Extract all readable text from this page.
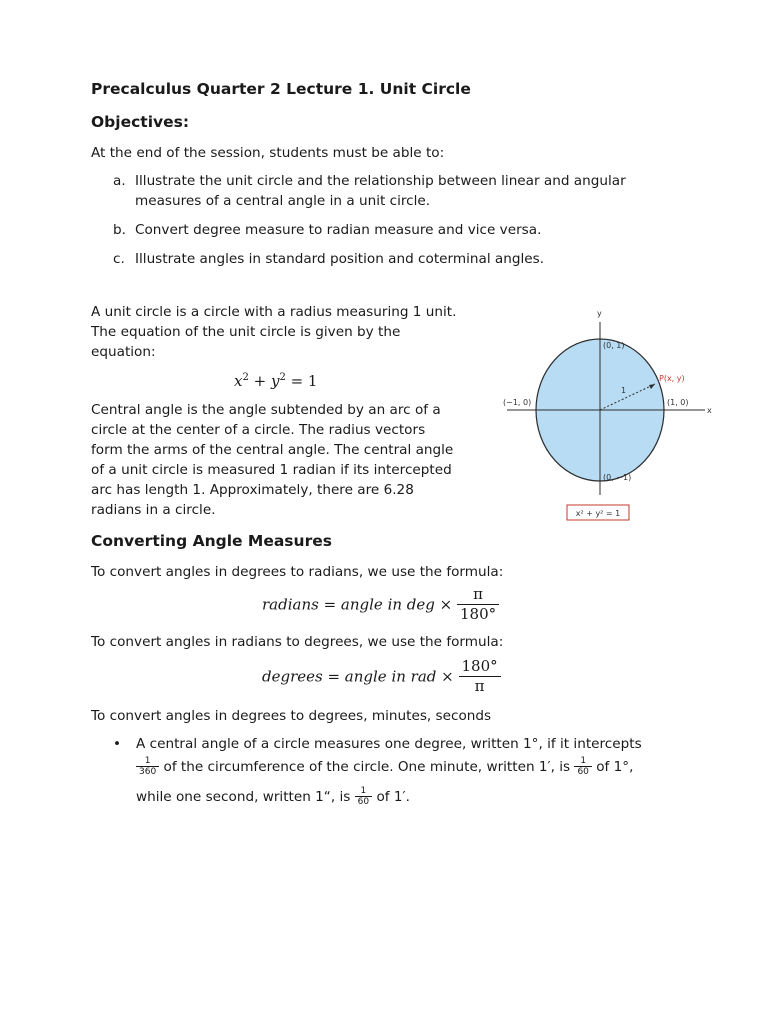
Precalculus Quarter 2 Lecture 1. Unit Circle
Objectives:
At the end of the session, students must be able to:
a. Illustrate the unit circle and the relationship between linear and angular measures of a central angle in a unit circle.
b. Convert degree measure to radian measure and vice versa.
c. Illustrate angles in standard position and coterminal angles.
A unit circle is a circle with a radius measuring 1 unit.
The equation of the unit circle is given by the
equation:
$x^2 + y^2 = 1$
Central angle is the angle subtended by an arc of a
circle at the center of a circle. The radius vectors
form the arms of the central angle. The central angle
of a unit circle is measured 1 radian if its intercepted
arc has length 1. Approximately, there are 6.28
radians in a circle.
y
x
(0, 1)
(0, −1)
(−1, 0)	(1, 0)
P(x, y)
1
x² + y² = 1
Converting Angle Measures
To convert angles in degrees to radians, we use the formula:
radians = angle in deg × $\frac{\pi}{180^\circ}$
To convert angles in radians to degrees, we use the formula:
degrees = angle in rad × $\frac{180^\circ}{\pi}$
To convert angles in degrees to degrees, minutes, seconds
• A central angle of a circle measures one degree, written 1°, if it intercepts
$\frac{1}{360}$ of the circumference of the circle. One minute, written 1′, is $\frac{1}{60}$ of 1°,
while one second, written 1“, is $\frac{1}{60}$ of 1′.
